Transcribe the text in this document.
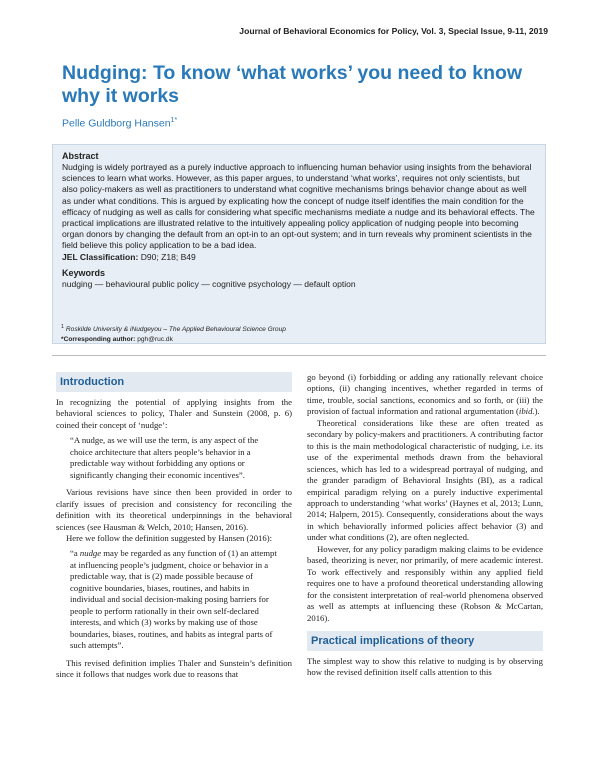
Journal of Behavioral Economics for Policy, Vol. 3, Special Issue, 9-11, 2019
Nudging: To know ‘what works’ you need to know why it works
Pelle Guldborg Hansen$^{1*}$
Abstract

Nudging is widely portrayed as a purely inductive approach to influencing human behavior using insights from the behavioral sciences to learn what works. However, as this paper argues, to understand ‘what works’, requires not only scientists, but also policy-makers as well as practitioners to understand what cognitive mechanisms brings behavior change about as well as under what conditions. This is argued by explicating how the concept of nudge itself identifies the main condition for the efficacy of nudging as well as calls for considering what specific mechanisms mediate a nudge and its behavioral effects. The practical implications are illustrated relative to the intuitively appealing policy application of nudging people into becoming organ donors by changing the default from an opt-in to an opt-out system; and in turn reveals why prominent scientists in the field believe this policy application to be a bad idea.

JEL Classification: D90; Z18; B49

Keywords

nudging — behavioural public policy — cognitive psychology — default option

$^1$ Roskilde University & iNudgeyou – The Applied Behavioural Science Group
*Corresponding author: pgh@ruc.dk
Introduction

In recognizing the potential of applying insights from the behavioral sciences to policy, Thaler and Sunstein (2008, p. 6) coined their concept of ‘nudge’:

“A nudge, as we will use the term, is any aspect of the choice architecture that alters people’s behavior in a predictable way without forbidding any options or significantly changing their economic incentives”.

Various revisions have since then been provided in order to clarify issues of precision and consistency for reconciling the definition with its theoretical underpinnings in the behavioral sciences (see Hausman & Welch, 2010; Hansen, 2016).

Here we follow the definition suggested by Hansen (2016):

“a nudge may be regarded as any function of (1) an attempt at influencing people’s judgment, choice or behavior in a predictable way, that is (2) made possible because of cognitive boundaries, biases, routines, and habits in individual and social decision-making posing barriers for people to perform rationally in their own self-declared interests, and which (3) works by making use of those boundaries, biases, routines, and habits as integral parts of such attempts”.

This revised definition implies Thaler and Sunstein’s definition since it follows that nudges work due to reasons that

go beyond (i) forbidding or adding any rationally relevant choice options, (ii) changing incentives, whether regarded in terms of time, trouble, social sanctions, economics and so forth, or (iii) the provision of factual information and rational argumentation (ibid.).

Theoretical considerations like these are often treated as secondary by policy-makers and practitioners. A contributing factor to this is the main methodological characteristic of nudging, i.e. its use of the experimental methods drawn from the behavioral sciences, which has led to a widespread portrayal of nudging, and the grander paradigm of Behavioral Insights (BI), as a radical empirical paradigm relying on a purely inductive experimental approach to understanding ‘what works’ (Haynes et al, 2013; Lunn, 2014; Halpern, 2015). Consequently, considerations about the ways in which behaviorally informed policies affect behavior (3) and under what conditions (2), are often neglected.

However, for any policy paradigm making claims to be evidence based, theorizing is never, nor primarily, of mere academic interest. To work effectively and responsibly within any applied field requires one to have a profound theoretical understanding allowing for the consistent interpretation of real-world phenomena observed as well as attempts at influencing these (Robson & McCartan, 2016).

Practical implications of theory

The simplest way to show this relative to nudging is by observing how the revised definition itself calls attention to this
